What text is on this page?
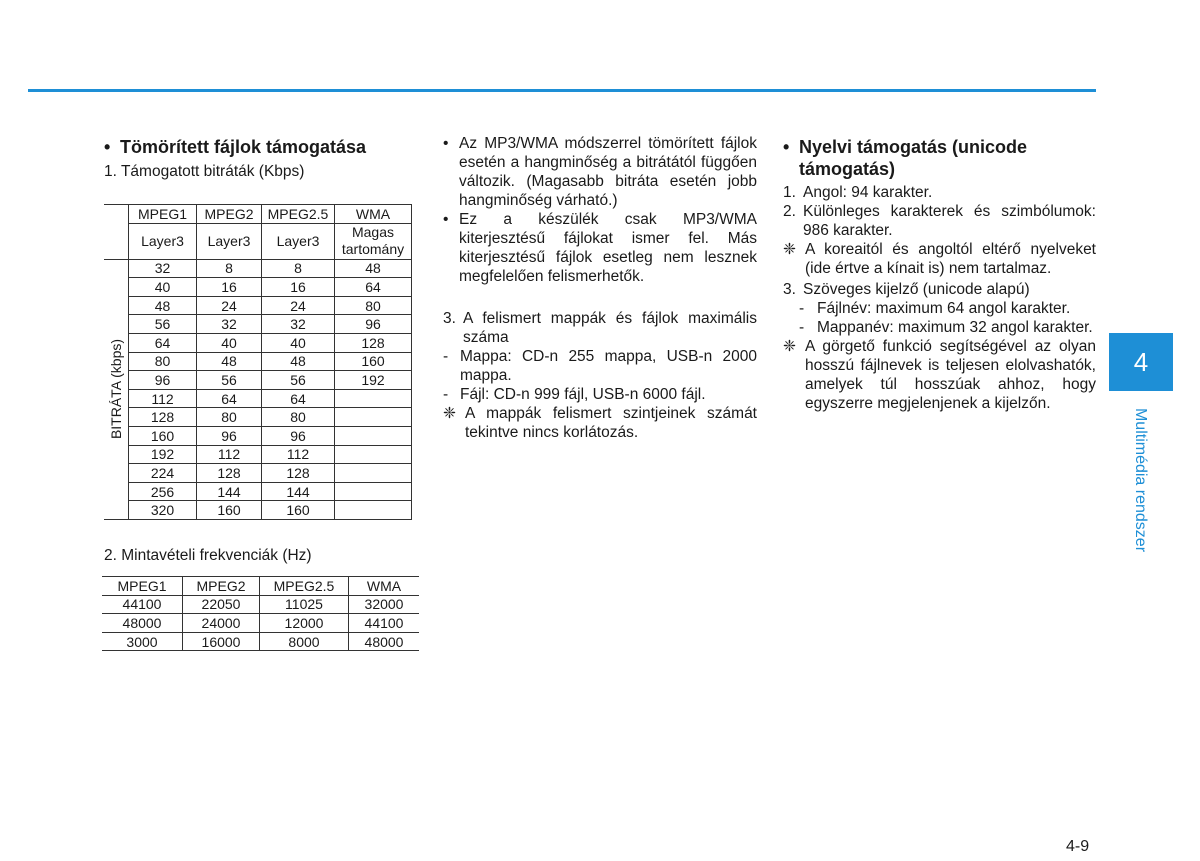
• Tömörített fájlok támogatása
1. Támogatott bitráták (Kbps)
	MPEG1	MPEG2	MPEG2.5	WMA
	Layer3	Layer3	Layer3	Magas tartomány

BITRÁTA (kbps)	32	8	8	48
	40	16	16	64
	48	24	24	80
	56	32	32	96
	64	40	40	128
	80	48	48	160
	96	56	56	192
	112	64	64	
	128	80	80	
	160	96	96	
	192	112	112	
	224	128	128	
	256	144	144	
	320	160	160	
2. Mintavételi frekvenciák (Hz)
MPEG1	MPEG2	MPEG2.5	WMA
44100	22050	11025	32000
48000	24000	12000	44100
3000	16000	8000	48000
• Az MP3/WMA módszerrel tömörített fájlok esetén a hangminőség a bitrátától függően változik. (Magasabb bitráta esetén jobb hangminőség várható.)
• Ez a készülék csak MP3/WMA kiterjesztésű fájlokat ismer fel. Más kiterjesztésű fájlok esetleg nem lesznek megfelelően felismerhetők.
3. A felismert mappák és fájlok maximális száma
- Mappa: CD-n 255 mappa, USB-n 2000 mappa.
- Fájl: CD-n 999 fájl, USB-n 6000 fájl.
❈ A mappák felismert szintjeinek számát tekintve nincs korlátozás.
• Nyelvi támogatás (unicode támogatás)
1. Angol: 94 karakter.
2. Különleges karakterek és szimbólumok: 986 karakter.
❈ A koreaitól és angoltól eltérő nyelveket (ide értve a kínait is) nem tartalmaz.
3. Szöveges kijelző (unicode alapú)
- Fájlnév: maximum 64 angol karakter.
- Mappanév: maximum 32 angol karakter.
❈ A görgető funkció segítségével az olyan hosszú fájlnevek is teljesen elolvashatók, amelyek túl hosszúak ahhoz, hogy egyszerre megjelenjenek a kijelzőn.
4
Multimédia rendszer
4-9
